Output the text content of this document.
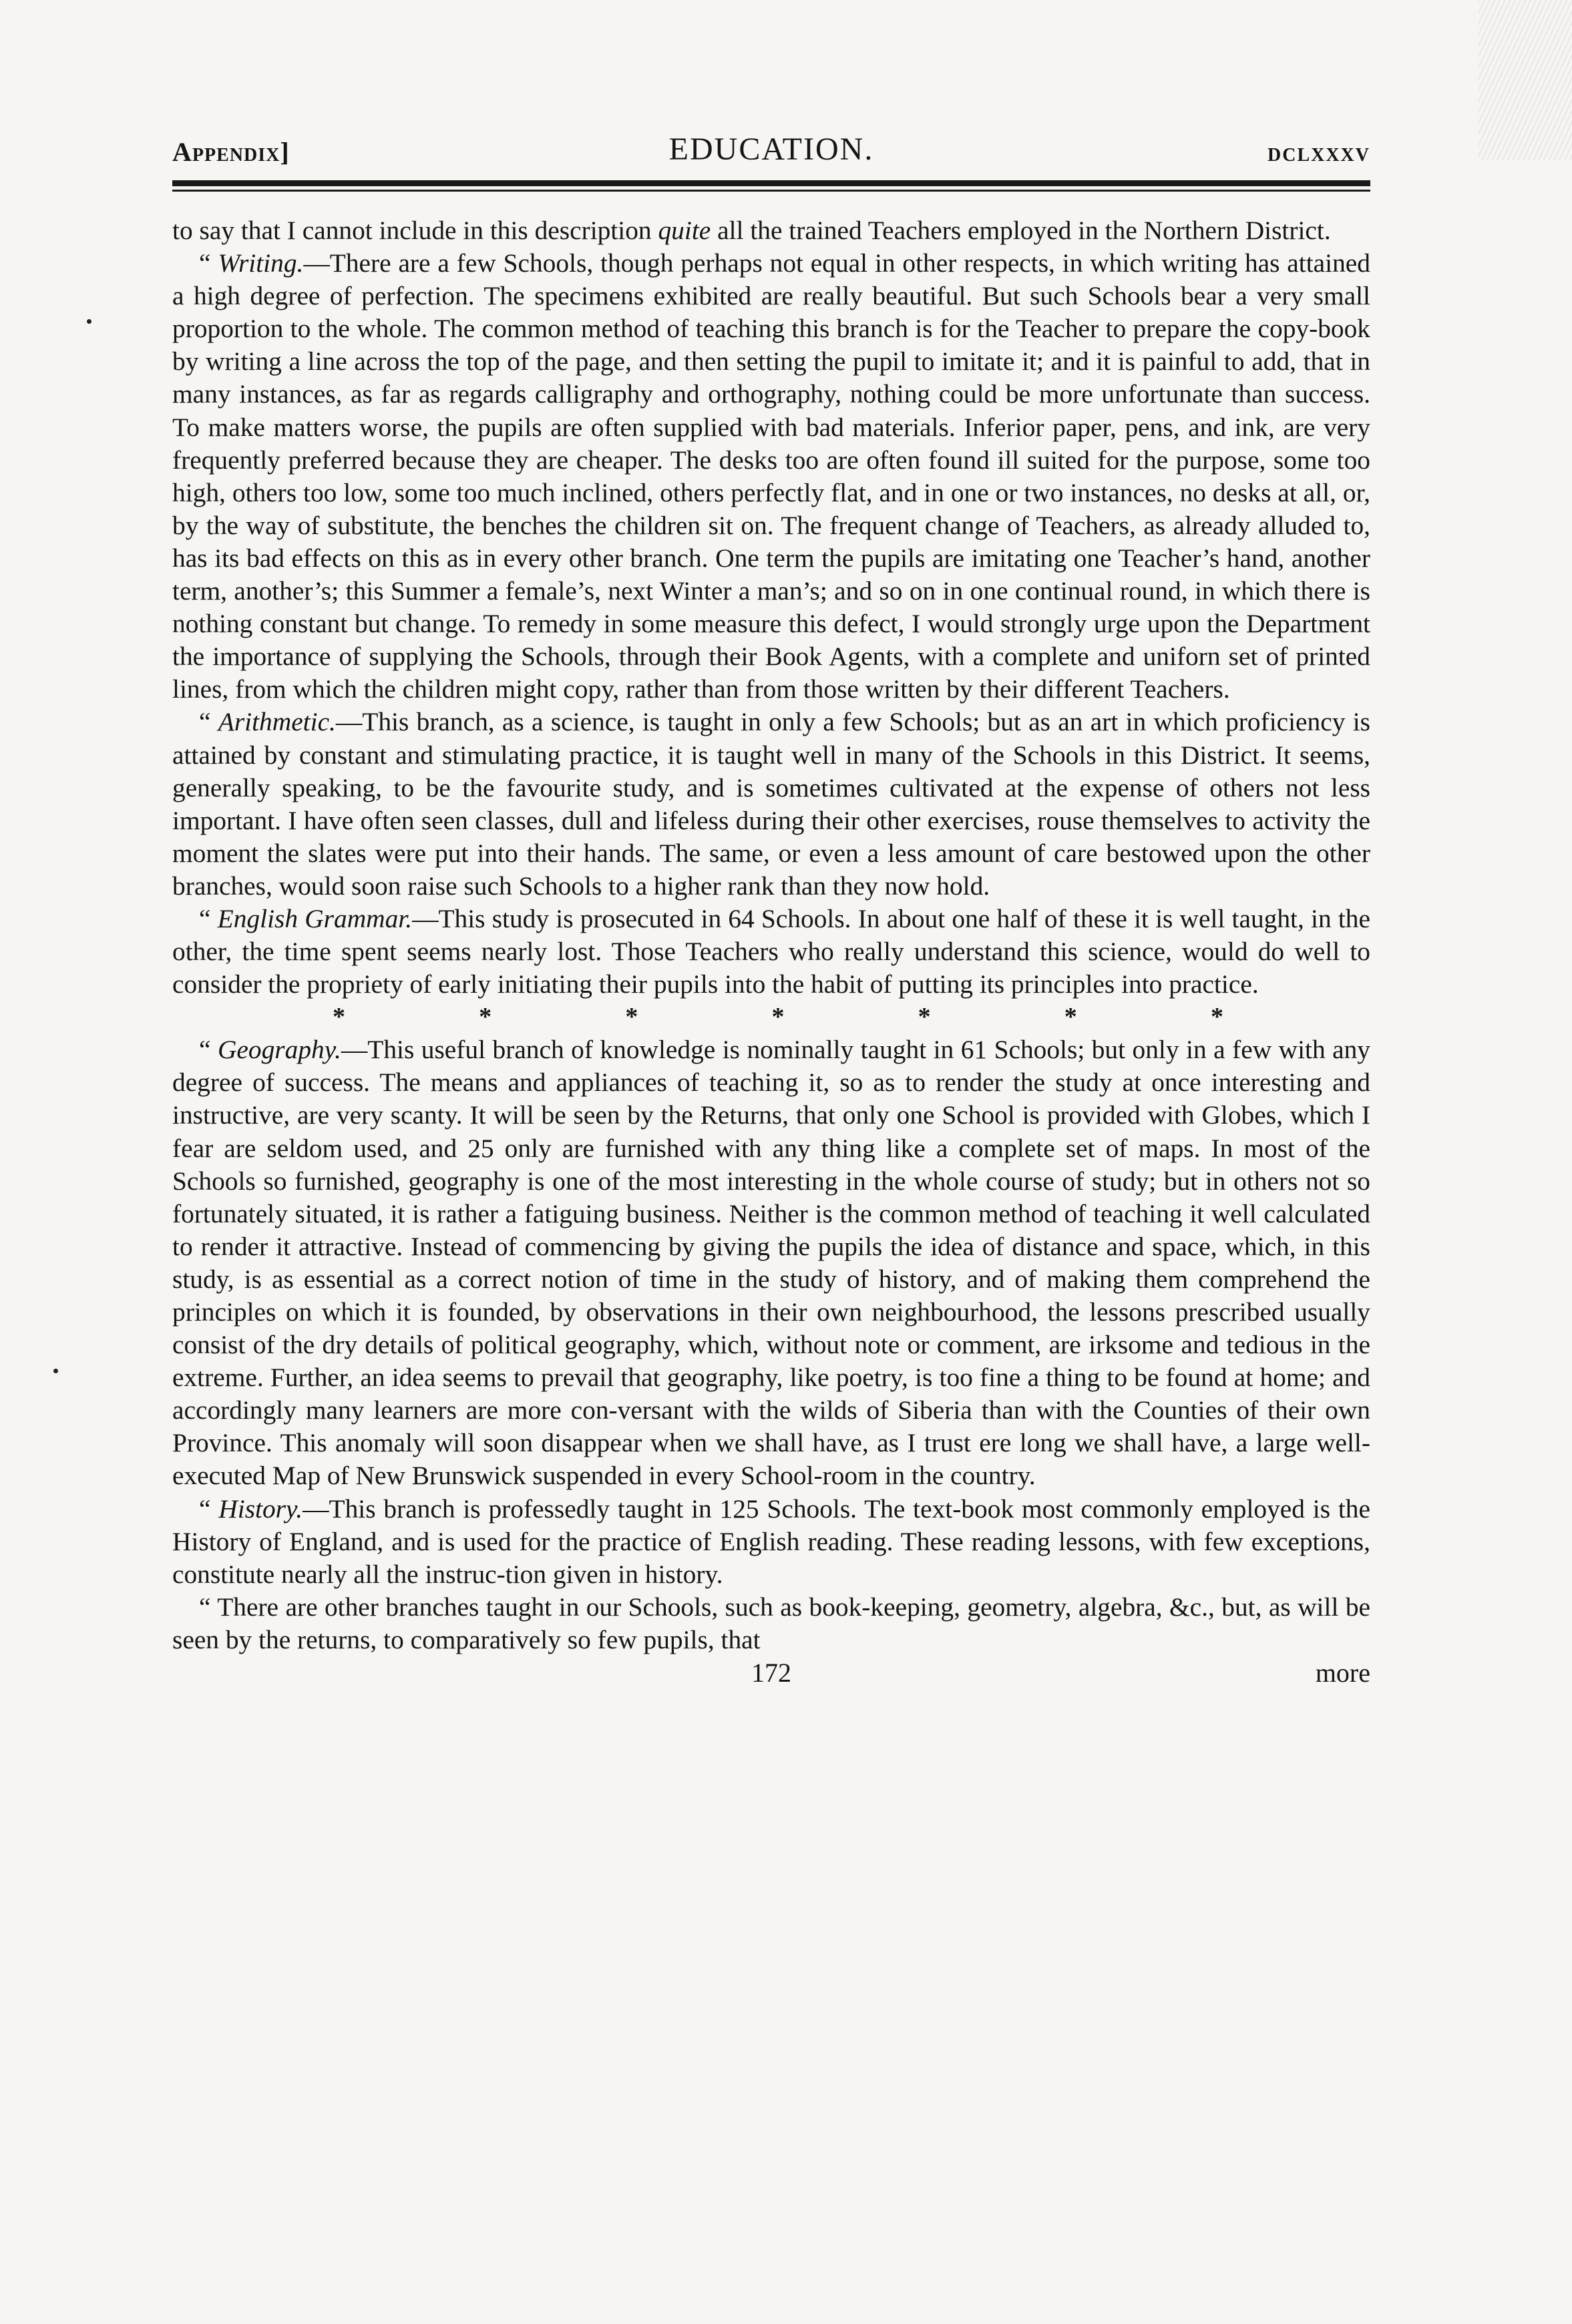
Appendix]	EDUCATION.	dclxxxv

to say that I cannot include in this description quite all the trained Teachers employed in the Northern District.

“ Writing.—There are a few Schools, though perhaps not equal in other respects, in which writing has attained a high degree of perfection. The specimens exhibited are really beautiful. But such Schools bear a very small proportion to the whole. The common method of teaching this branch is for the Teacher to prepare the copy-book by writing a line across the top of the page, and then setting the pupil to imitate it; and it is painful to add, that in many instances, as far as regards calligraphy and orthography, nothing could be more unfortunate than success. To make matters worse, the pupils are often supplied with bad materials. Inferior paper, pens, and ink, are very frequently preferred because they are cheaper. The desks too are often found ill suited for the purpose, some too high, others too low, some too much inclined, others perfectly flat, and in one or two instances, no desks at all, or, by the way of substitute, the benches the children sit on. The frequent change of Teachers, as already alluded to, has its bad effects on this as in every other branch. One term the pupils are imitating one Teacher’s hand, another term, another’s; this Summer a female’s, next Winter a man’s; and so on in one continual round, in which there is nothing constant but change. To remedy in some measure this defect, I would strongly urge upon the Department the importance of supplying the Schools, through their Book Agents, with a complete and uniforn set of printed lines, from which the children might copy, rather than from those written by their different Teachers.

“ Arithmetic.—This branch, as a science, is taught in only a few Schools; but as an art in which proficiency is attained by constant and stimulating practice, it is taught well in many of the Schools in this District. It seems, generally speaking, to be the favourite study, and is sometimes cultivated at the expense of others not less important. I have often seen classes, dull and lifeless during their other exercises, rouse themselves to activity the moment the slates were put into their hands. The same, or even a less amount of care bestowed upon the other branches, would soon raise such Schools to a higher rank than they now hold.

“ English Grammar.—This study is prosecuted in 64 Schools. In about one half of these it is well taught, in the other, the time spent seems nearly lost. Those Teachers who really understand this science, would do well to consider the propriety of early initiating their pupils into the habit of putting its principles into practice.

*	*	*	*	*	*	*

“ Geography.—This useful branch of knowledge is nominally taught in 61 Schools; but only in a few with any degree of success. The means and appliances of teaching it, so as to render the study at once interesting and instructive, are very scanty. It will be seen by the Returns, that only one School is provided with Globes, which I fear are seldom used, and 25 only are furnished with any thing like a complete set of maps. In most of the Schools so furnished, geography is one of the most interesting in the whole course of study; but in others not so fortunately situated, it is rather a fatiguing business. Neither is the common method of teaching it well calculated to render it attractive. Instead of commencing by giving the pupils the idea of distance and space, which, in this study, is as essential as a correct notion of time in the study of history, and of making them comprehend the principles on which it is founded, by observations in their own neighbourhood, the lessons prescribed usually consist of the dry details of political geography, which, without note or comment, are irksome and tedious in the extreme. Further, an idea seems to prevail that geography, like poetry, is too fine a thing to be found at home; and accordingly many learners are more con-versant with the wilds of Siberia than with the Counties of their own Province. This anomaly will soon disappear when we shall have, as I trust ere long we shall have, a large well-executed Map of New Brunswick suspended in every School-room in the country.

“ History.—This branch is professedly taught in 125 Schools. The text-book most commonly employed is the History of England, and is used for the practice of English reading. These reading lessons, with few exceptions, constitute nearly all the instruc-tion given in history.

“ There are other branches taught in our Schools, such as book-keeping, geometry, algebra, &c., but, as will be seen by the returns, to comparatively so few pupils, that

172	more
